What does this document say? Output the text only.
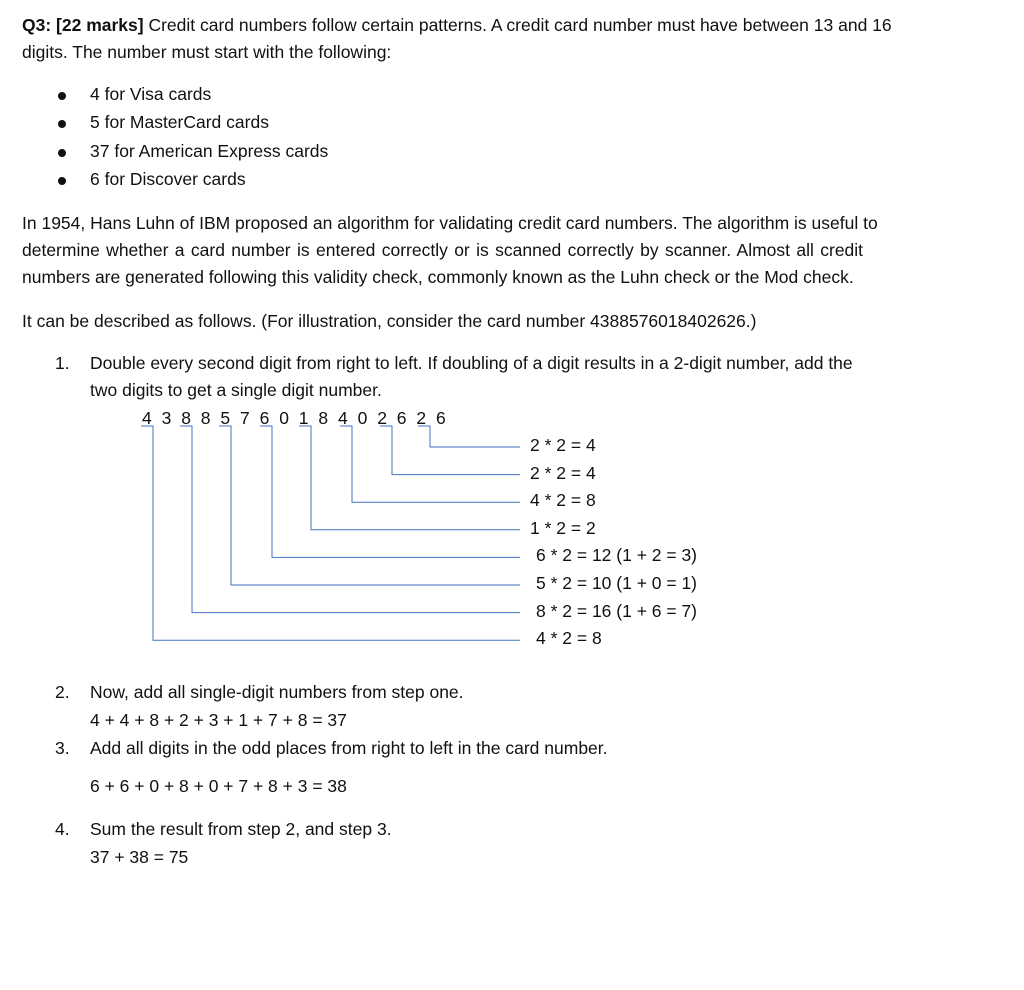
Q3: [22 marks] Credit card numbers follow certain patterns. A credit card number must have between 13 and 16
digits. The number must start with the following:
4 for Visa cards
5 for MasterCard cards
37 for American Express cards
6 for Discover cards
In 1954, Hans Luhn of IBM proposed an algorithm for validating credit card numbers. The algorithm is useful to
determine whether a card number is entered correctly or is scanned correctly by scanner. Almost all credit
numbers are generated following this validity check, commonly known as the Luhn check or the Mod check.
It can be described as follows. (For illustration, consider the card number 4388576018402626.)
1. Double every second digit from right to left. If doubling of a digit results in a 2-digit number, add the
two digits to get a single digit number.
4 3 8 8 5 7 6 0 1 8 4 0 2 6 2 6
2 * 2 = 4
2 * 2 = 4
4 * 2 = 8
1 * 2 = 2
6 * 2 = 12 (1 + 2 = 3)
5 * 2 = 10 (1 + 0 = 1)
8 * 2 = 16 (1 + 6 = 7)
4 * 2 = 8
2. Now, add all single-digit numbers from step one.
4 + 4 + 8 + 2 + 3 + 1 + 7 + 8 = 37
3. Add all digits in the odd places from right to left in the card number.
6 + 6 + 0 + 8 + 0 + 7 + 8 + 3 = 38
4. Sum the result from step 2, and step 3.
37 + 38 = 75
